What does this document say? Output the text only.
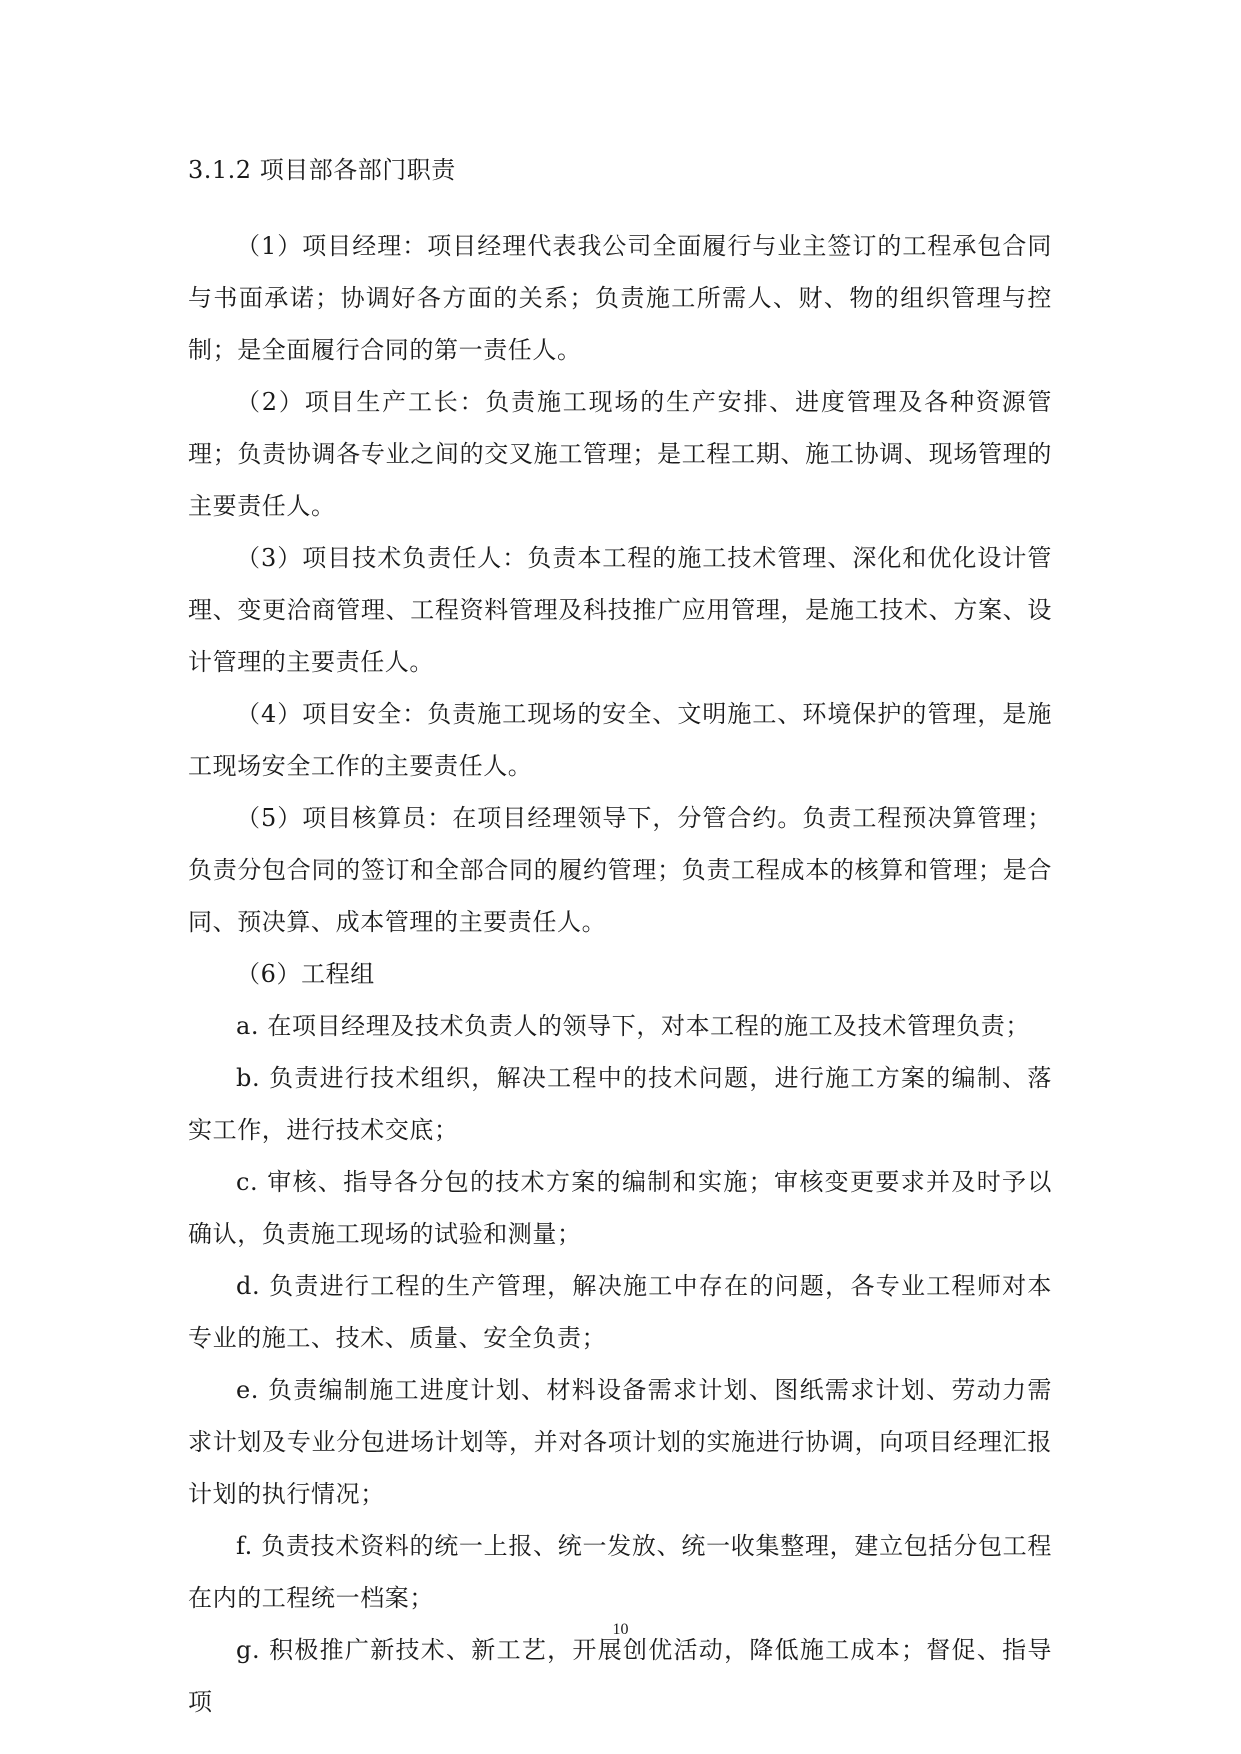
3.1.2 项目部各部门职责

（1）项目经理：项目经理代表我公司全面履行与业主签订的工程承包合同与书面承诺；协调好各方面的关系；负责施工所需人、财、物的组织管理与控制；是全面履行合同的第一责任人。

（2）项目生产工长：负责施工现场的生产安排、进度管理及各种资源管理；负责协调各专业之间的交叉施工管理；是工程工期、施工协调、现场管理的主要责任人。

（3）项目技术负责任人：负责本工程的施工技术管理、深化和优化设计管理、变更洽商管理、工程资料管理及科技推广应用管理，是施工技术、方案、设计管理的主要责任人。

（4）项目安全：负责施工现场的安全、文明施工、环境保护的管理，是施工现场安全工作的主要责任人。

（5）项目核算员：在项目经理领导下，分管合约。负责工程预决算管理；负责分包合同的签订和全部合同的履约管理；负责工程成本的核算和管理；是合同、预决算、成本管理的主要责任人。

（6）工程组

a. 在项目经理及技术负责人的领导下，对本工程的施工及技术管理负责；

b. 负责进行技术组织，解决工程中的技术问题，进行施工方案的编制、落实工作，进行技术交底；

c. 审核、指导各分包的技术方案的编制和实施；审核变更要求并及时予以确认，负责施工现场的试验和测量；

d. 负责进行工程的生产管理，解决施工中存在的问题，各专业工程师对本专业的施工、技术、质量、安全负责；

e. 负责编制施工进度计划、材料设备需求计划、图纸需求计划、劳动力需求计划及专业分包进场计划等，并对各项计划的实施进行协调，向项目经理汇报计划的执行情况；

f. 负责技术资料的统一上报、统一发放、统一收集整理，建立包括分包工程在内的工程统一档案；

g. 积极推广新技术、新工艺，开展创优活动，降低施工成本；督促、指导项

10
